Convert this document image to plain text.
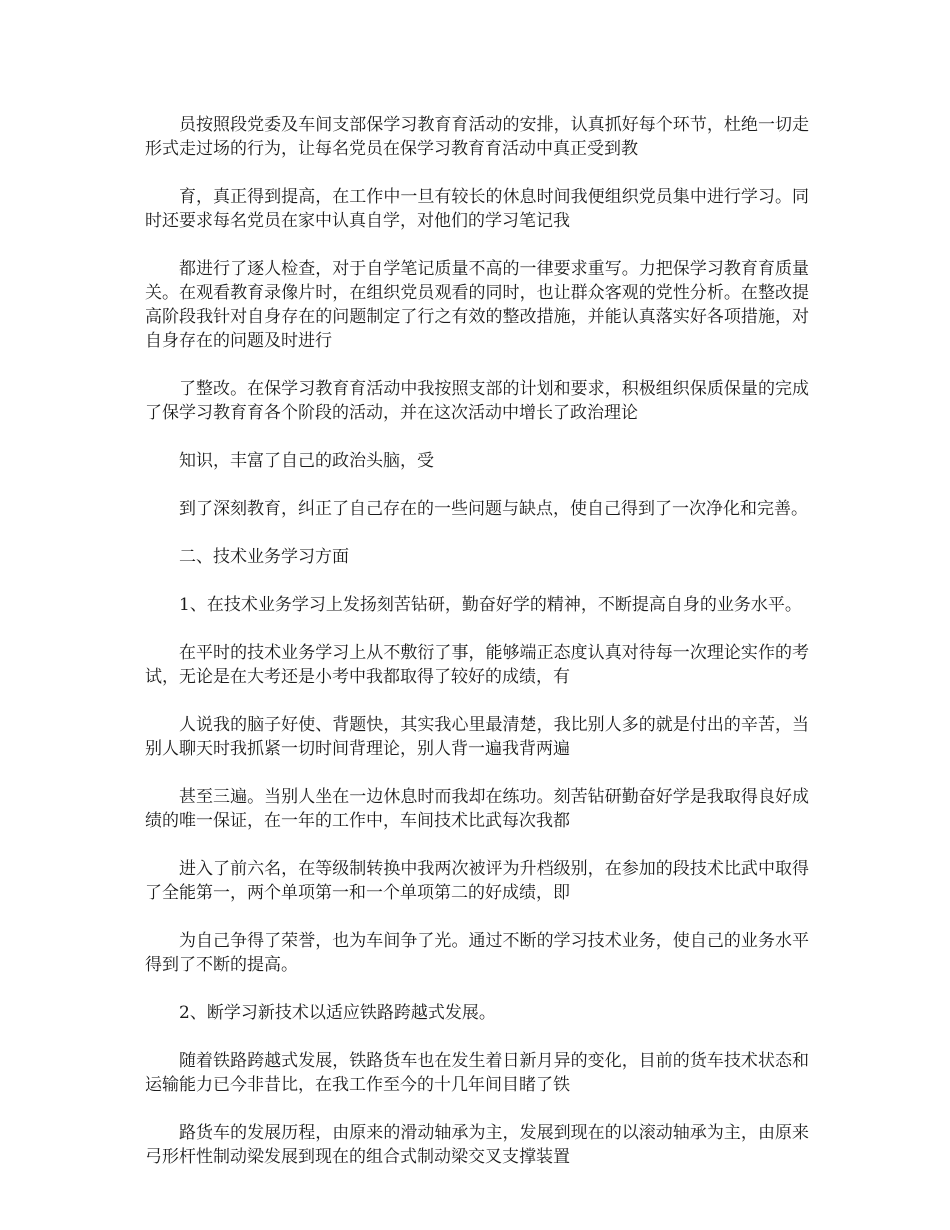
员按照段党委及车间支部保学习教育育活动的安排，认真抓好每个环节，杜绝一切走形式走过场的行为，让每名党员在保学习教育育活动中真正受到教

育，真正得到提高，在工作中一旦有较长的休息时间我便组织党员集中进行学习。同时还要求每名党员在家中认真自学，对他们的学习笔记我

都进行了逐人检查，对于自学笔记质量不高的一律要求重写。力把保学习教育育质量关。在观看教育录像片时，在组织党员观看的同时，也让群众客观的党性分析。在整改提高阶段我针对自身存在的问题制定了行之有效的整改措施，并能认真落实好各项措施，对自身存在的问题及时进行

了整改。在保学习教育育活动中我按照支部的计划和要求，积极组织保质保量的完成了保学习教育育各个阶段的活动，并在这次活动中增长了政治理论

知识，丰富了自己的政治头脑，受

到了深刻教育，纠正了自己存在的一些问题与缺点，使自己得到了一次净化和完善。

二、技术业务学习方面

1、在技术业务学习上发扬刻苦钻研，勤奋好学的精神，不断提高自身的业务水平。

在平时的技术业务学习上从不敷衍了事，能够端正态度认真对待每一次理论实作的考试，无论是在大考还是小考中我都取得了较好的成绩，有

人说我的脑子好使、背题快，其实我心里最清楚，我比别人多的就是付出的辛苦，当别人聊天时我抓紧一切时间背理论，别人背一遍我背两遍

甚至三遍。当别人坐在一边休息时而我却在练功。刻苦钻研勤奋好学是我取得良好成绩的唯一保证，在一年的工作中，车间技术比武每次我都

进入了前六名，在等级制转换中我两次被评为升档级别，在参加的段技术比武中取得了全能第一，两个单项第一和一个单项第二的好成绩，即

为自己争得了荣誉，也为车间争了光。通过不断的学习技术业务，使自己的业务水平得到了不断的提高。

2、断学习新技术以适应铁路跨越式发展。

随着铁路跨越式发展，铁路货车也在发生着日新月异的变化，目前的货车技术状态和运输能力已今非昔比，在我工作至今的十几年间目睹了铁

路货车的发展历程，由原来的滑动轴承为主，发展到现在的以滚动轴承为主，由原来弓形杆性制动梁发展到现在的组合式制动梁交叉支撑装置
